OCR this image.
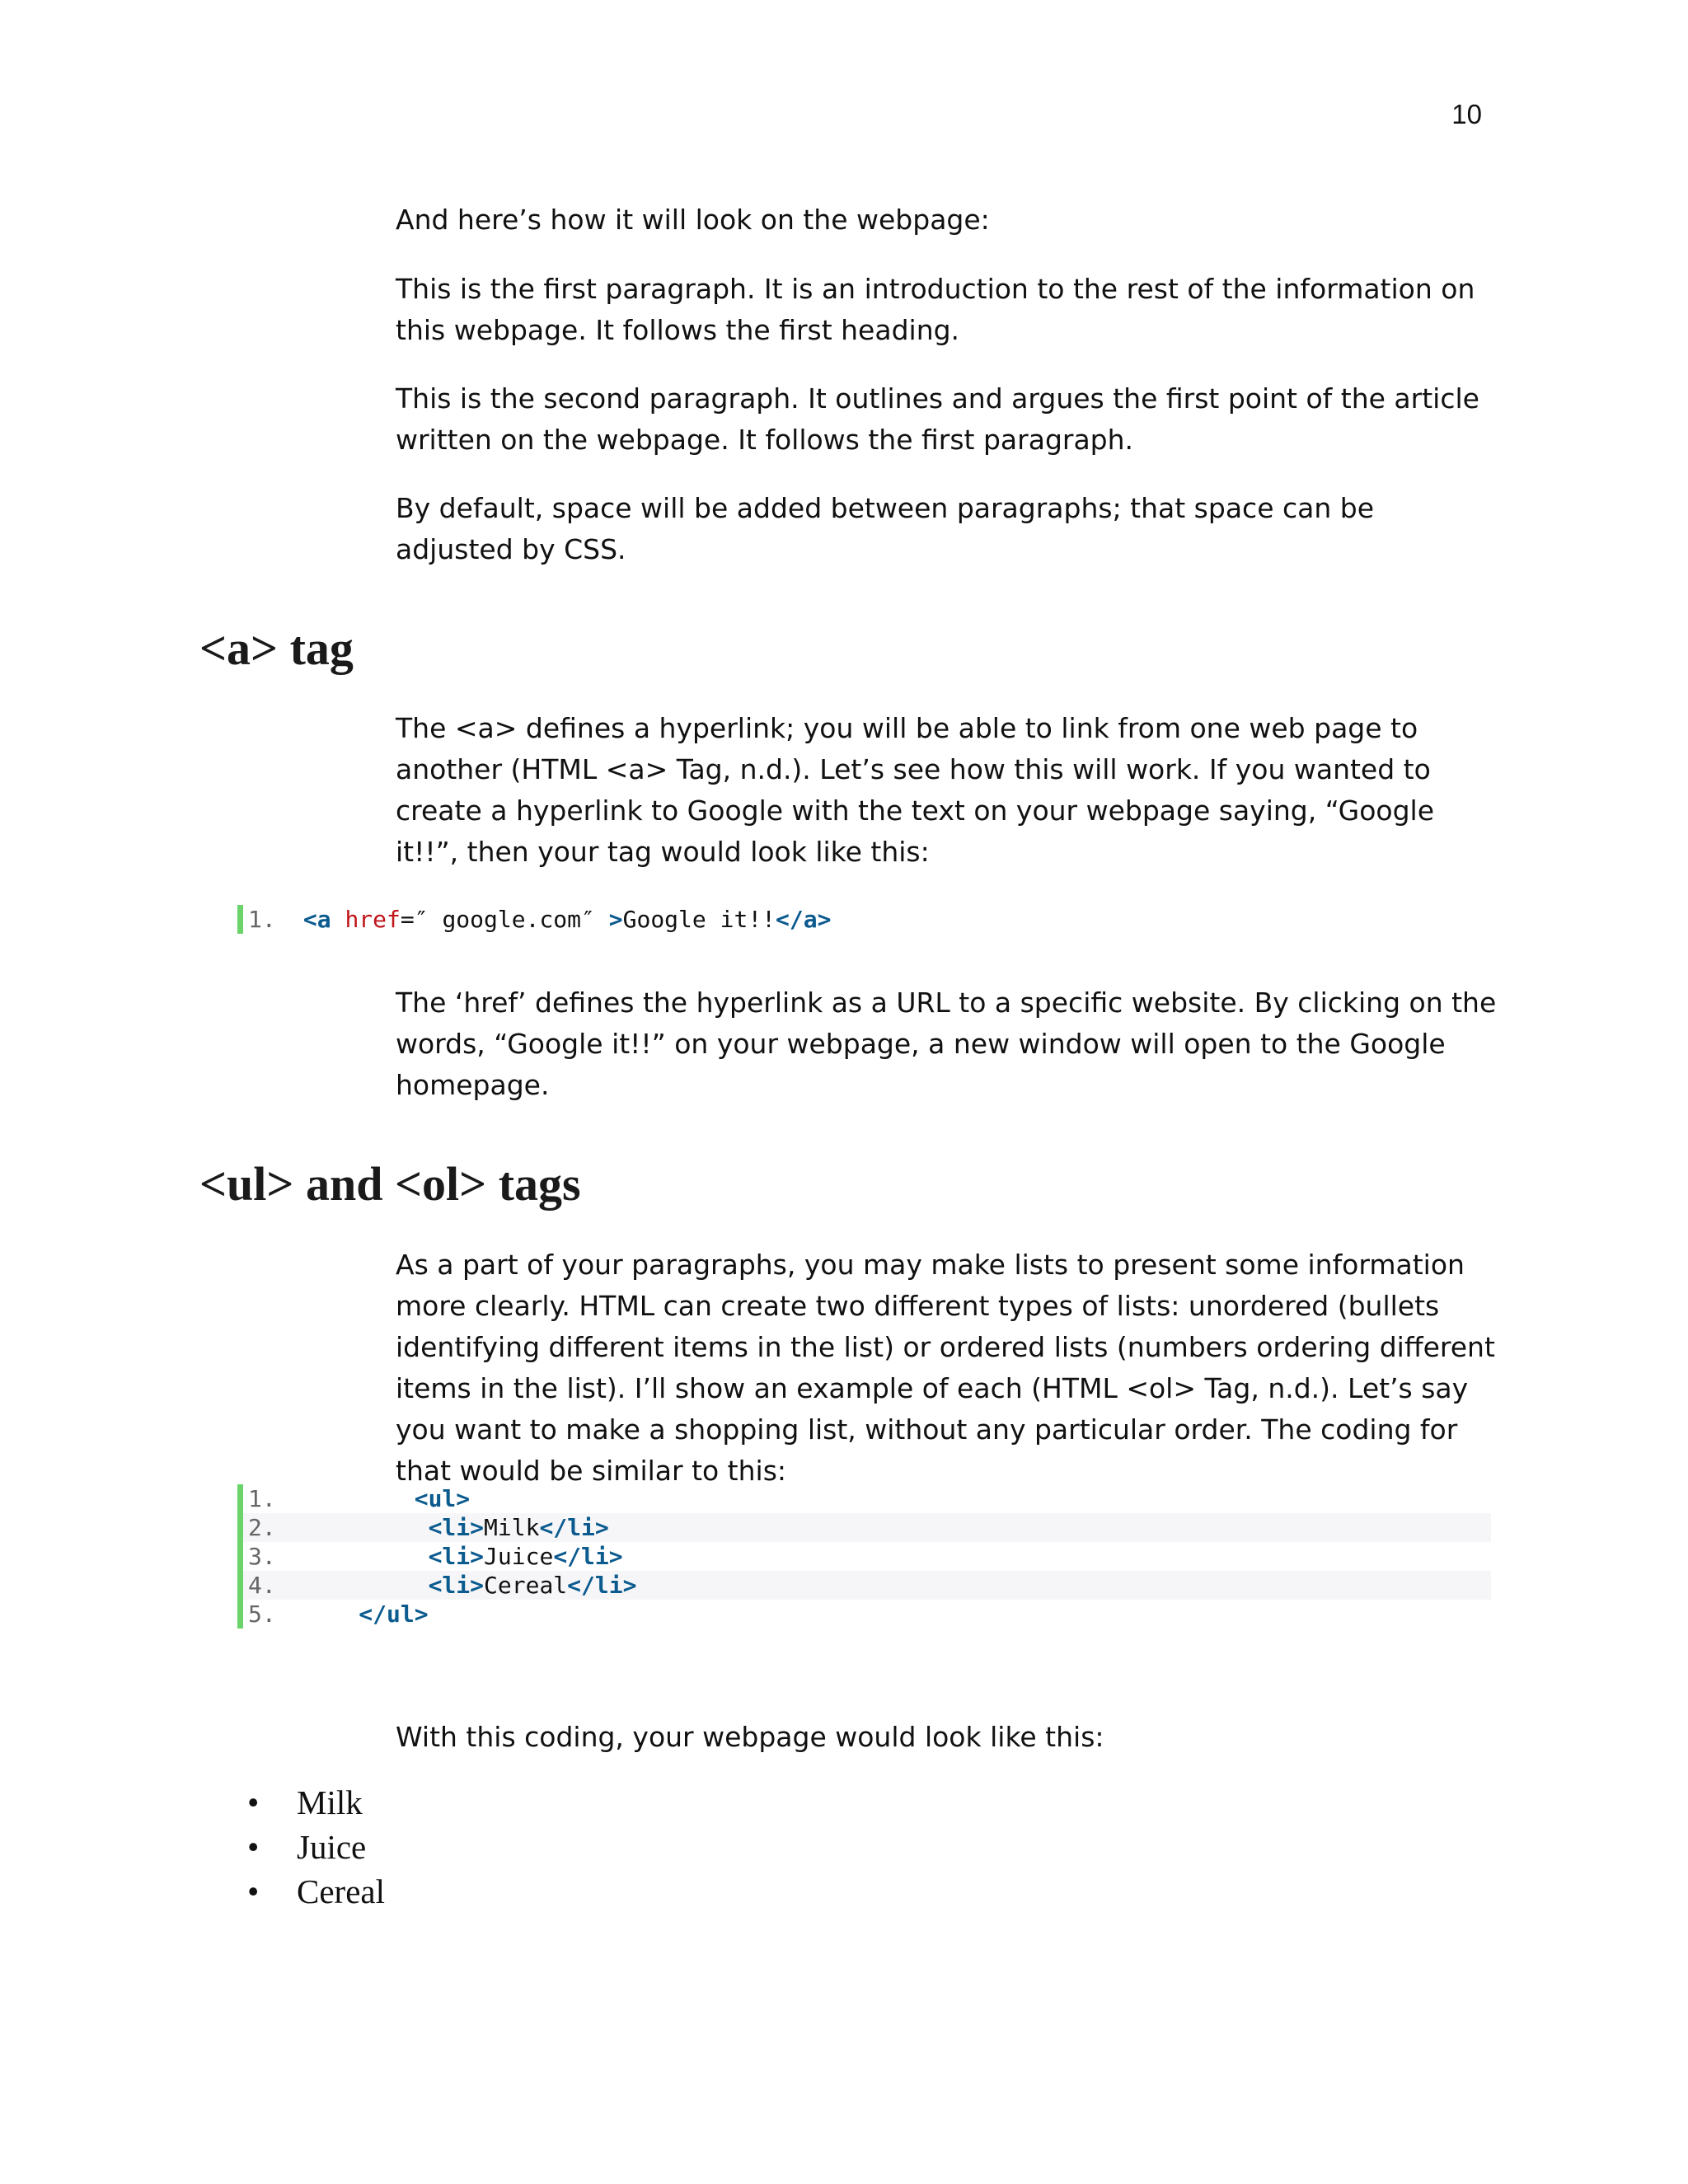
10

And here’s how it will look on the webpage:

This is the first paragraph. It is an introduction to the rest of the information on this webpage. It follows the first heading.

This is the second paragraph. It outlines and argues the first point of the article written on the webpage. It follows the first paragraph.

By default, space will be added between paragraphs; that space can be adjusted by CSS.

<a> tag

The <a> defines a hyperlink; you will be able to link from one web page to another (HTML <a> Tag, n.d.). Let’s see how this will work. If you wanted to create a hyperlink to Google with the text on your webpage saying, “Google it!!”, then your tag would look like this:

1. <a href=″ google.com″ >Google it!!</a>

The ‘href’ defines the hyperlink as a URL to a specific website. By clicking on the words, “Google it!!” on your webpage, a new window will open to the Google homepage.

<ul> and <ol> tags

As a part of your paragraphs, you may make lists to present some information more clearly. HTML can create two different types of lists: unordered (bullets identifying different items in the list) or ordered lists (numbers ordering different items in the list). I’ll show an example of each (HTML <ol> Tag, n.d.). Let’s say you want to make a shopping list, without any particular order. The coding for that would be similar to this:

1.	<ul>
2.	<li>Milk</li>
3.	<li>Juice</li>
4.	<li>Cereal</li>
5.	</ul>

With this coding, your webpage would look like this:

• Milk
• Juice
• Cereal
